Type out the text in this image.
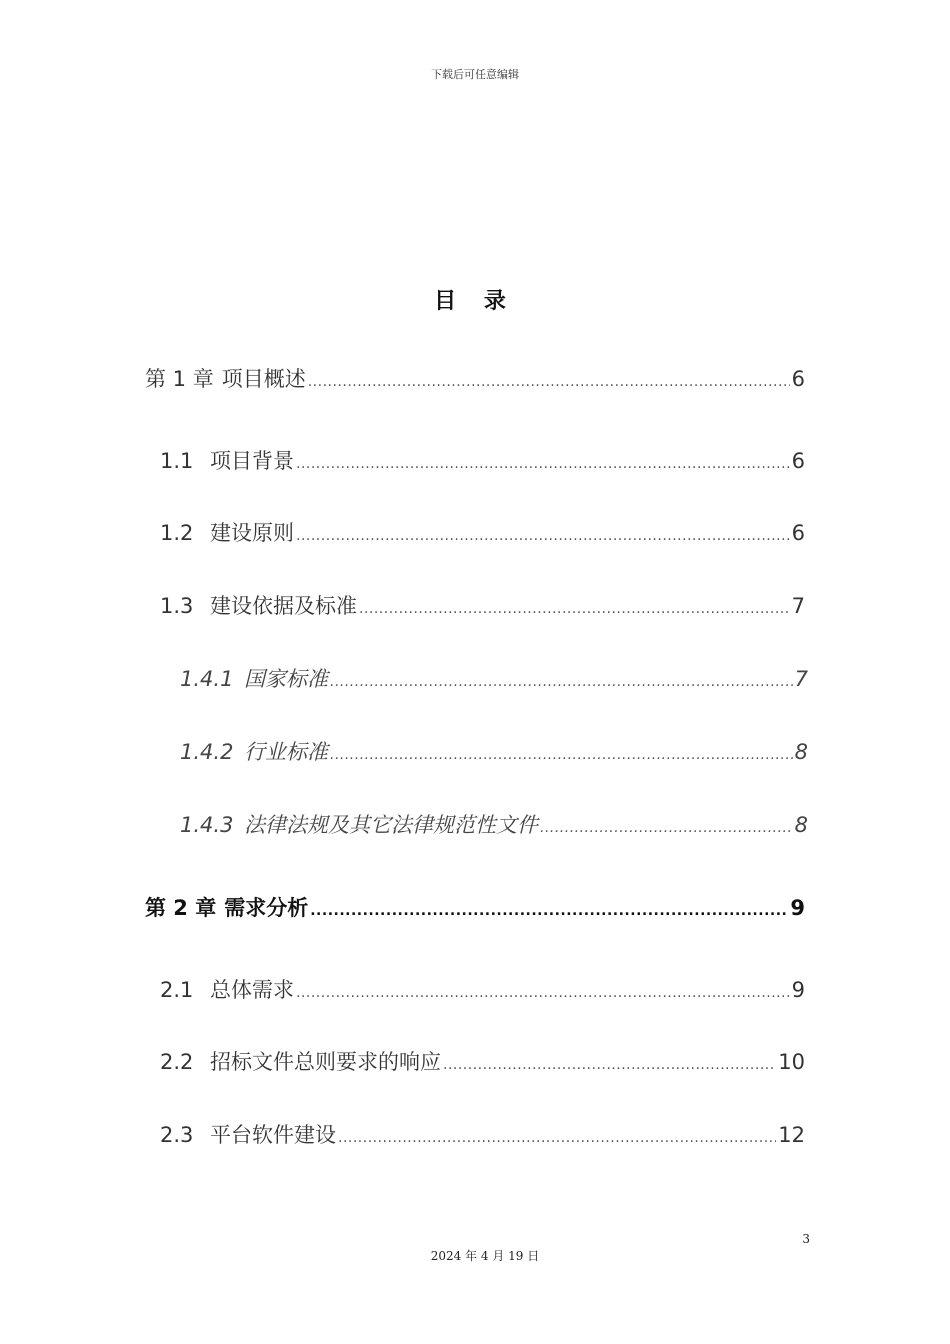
下载后可任意编辑
目 录
第 1 章 项目概述 .....	6
1.1 项目背景 .....	6
1.2 建设原则 .....	6
1.3 建设依据及标准 .....	7
1.4.1 国家标准 .....	7
1.4.2 行业标准 .....	8
1.4.3 法律法规及其它法律规范性文件 .....	8
第 2 章 需求分析 .....	9
2.1 总体需求 .....	9
2.2 招标文件总则要求的响应 .....	10
2.3 平台软件建设 .....	12
3
2024 年 4 月 19 日
